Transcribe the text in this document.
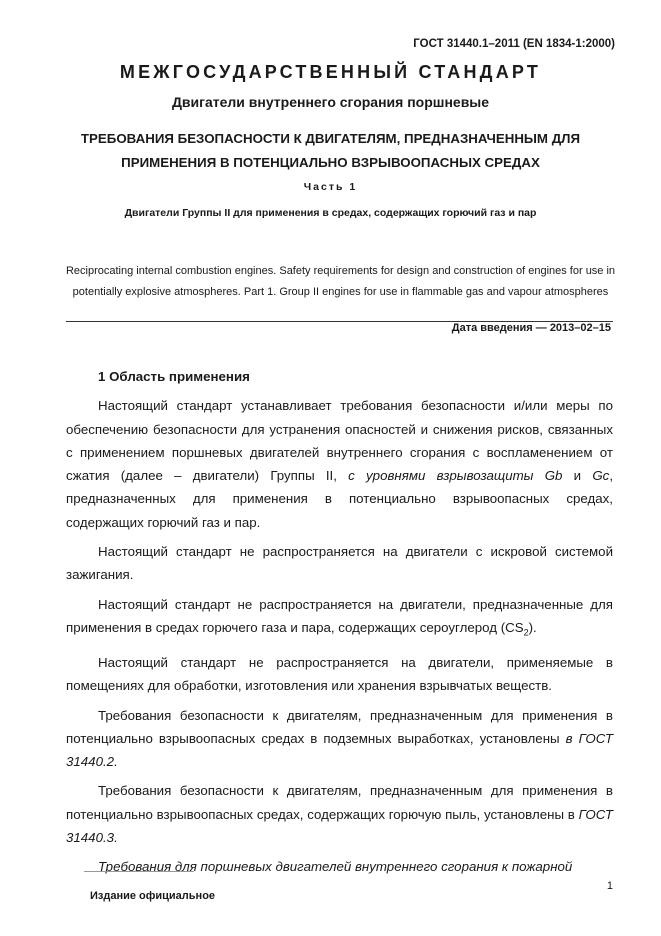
ГОСТ 31440.1–2011 (EN 1834-1:2000)
МЕЖГОСУДАРСТВЕННЫЙ СТАНДАРТ
Двигатели внутреннего сгорания поршневые
ТРЕБОВАНИЯ БЕЗОПАСНОСТИ К ДВИГАТЕЛЯМ, ПРЕДНАЗНАЧЕННЫМ ДЛЯ ПРИМЕНЕНИЯ В ПОТЕНЦИАЛЬНО ВЗРЫВООПАСНЫХ СРЕДАХ
Часть 1
Двигатели Группы II для применения в средах, содержащих горючий газ и пар
Reciprocating internal combustion engines. Safety requirements for design and construction of engines for use in potentially explosive atmospheres. Part 1. Group II engines for use in flammable gas and vapour atmospheres
Дата введения — 2013–02–15
1 Область применения

Настоящий стандарт устанавливает требования безопасности и/или меры по обеспечению безопасности для устранения опасностей и снижения рисков, связанных с применением поршневых двигателей внутреннего сгорания с воспламенением от сжатия (далее – двигатели) Группы II, с уровнями взрывозащиты Gb и Gc, предназначенных для применения в потенциально взрывоопасных средах, содержащих горючий газ и пар.

Настоящий стандарт не распространяется на двигатели с искровой системой зажигания.

Настоящий стандарт не распространяется на двигатели, предназначенные для применения в средах горючего газа и пара, содержащих сероуглерод $(CS_2)$.

Настоящий стандарт не распространяется на двигатели, применяемые в помещениях для обработки, изготовления или хранения взрывчатых веществ.

Требования безопасности к двигателям, предназначенным для применения в потенциально взрывоопасных средах в подземных выработках, установлены в ГОСТ 31440.2.

Требования безопасности к двигателям, предназначенным для применения в потенциально взрывоопасных средах, содержащих горючую пыль, установлены в ГОСТ 31440.3.

Требования для поршневых двигателей внутреннего сгорания к пожарной

1
Издание официальное
